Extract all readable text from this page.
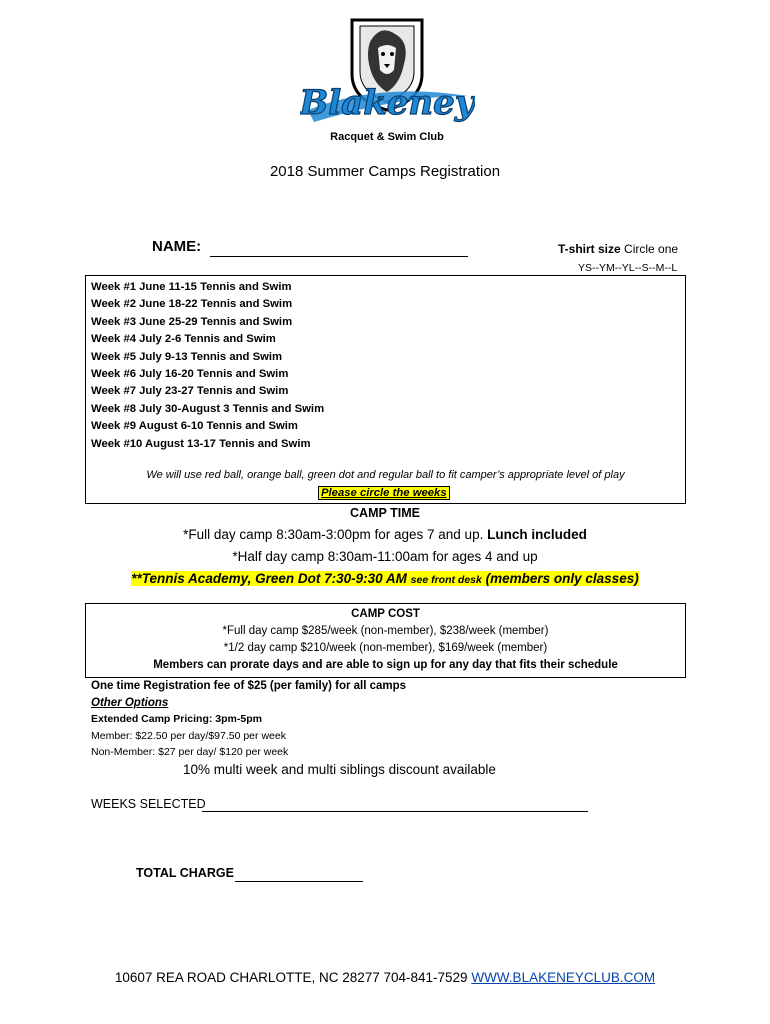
Blakeney
Racquet & Swim Club
2018 Summer Camps Registration
NAME:	T-shirt size Circle one
YS--YM--YL--S--M--L
Week #1 June 11-15 Tennis and Swim
Week #2 June 18-22 Tennis and Swim
Week #3 June 25-29 Tennis and Swim
Week #4 July 2-6 Tennis and Swim
Week #5 July 9-13 Tennis and Swim
Week #6 July 16-20 Tennis and Swim
Week #7 July 23-27 Tennis and Swim
Week #8 July 30-August 3 Tennis and Swim
Week #9 August 6-10 Tennis and Swim
Week #10 August 13-17 Tennis and Swim
We will use red ball, orange ball, green dot and regular ball to fit camper’s appropriate level of play
Please circle the weeks
CAMP TIME
*Full day camp 8:30am-3:00pm for ages 7 and up. Lunch included
*Half day camp 8:30am-11:00am for ages 4 and up
**Tennis Academy, Green Dot 7:30-9:30 AM see front desk (members only classes)
CAMP COST
*Full day camp $285/week (non-member), $238/week (member)
*1/2 day camp $210/week (non-member), $169/week (member)
Members can prorate days and are able to sign up for any day that fits their schedule
One time Registration fee of $25 (per family) for all camps
Other Options
Extended Camp Pricing: 3pm-5pm
Member: $22.50 per day/$97.50 per week
Non-Member: $27 per day/ $120 per week
10% multi week and multi siblings discount available
WEEKS SELECTED
TOTAL CHARGE
10607 REA ROAD CHARLOTTE, NC 28277 704-841-7529 WWW.BLAKENEYCLUB.COM
